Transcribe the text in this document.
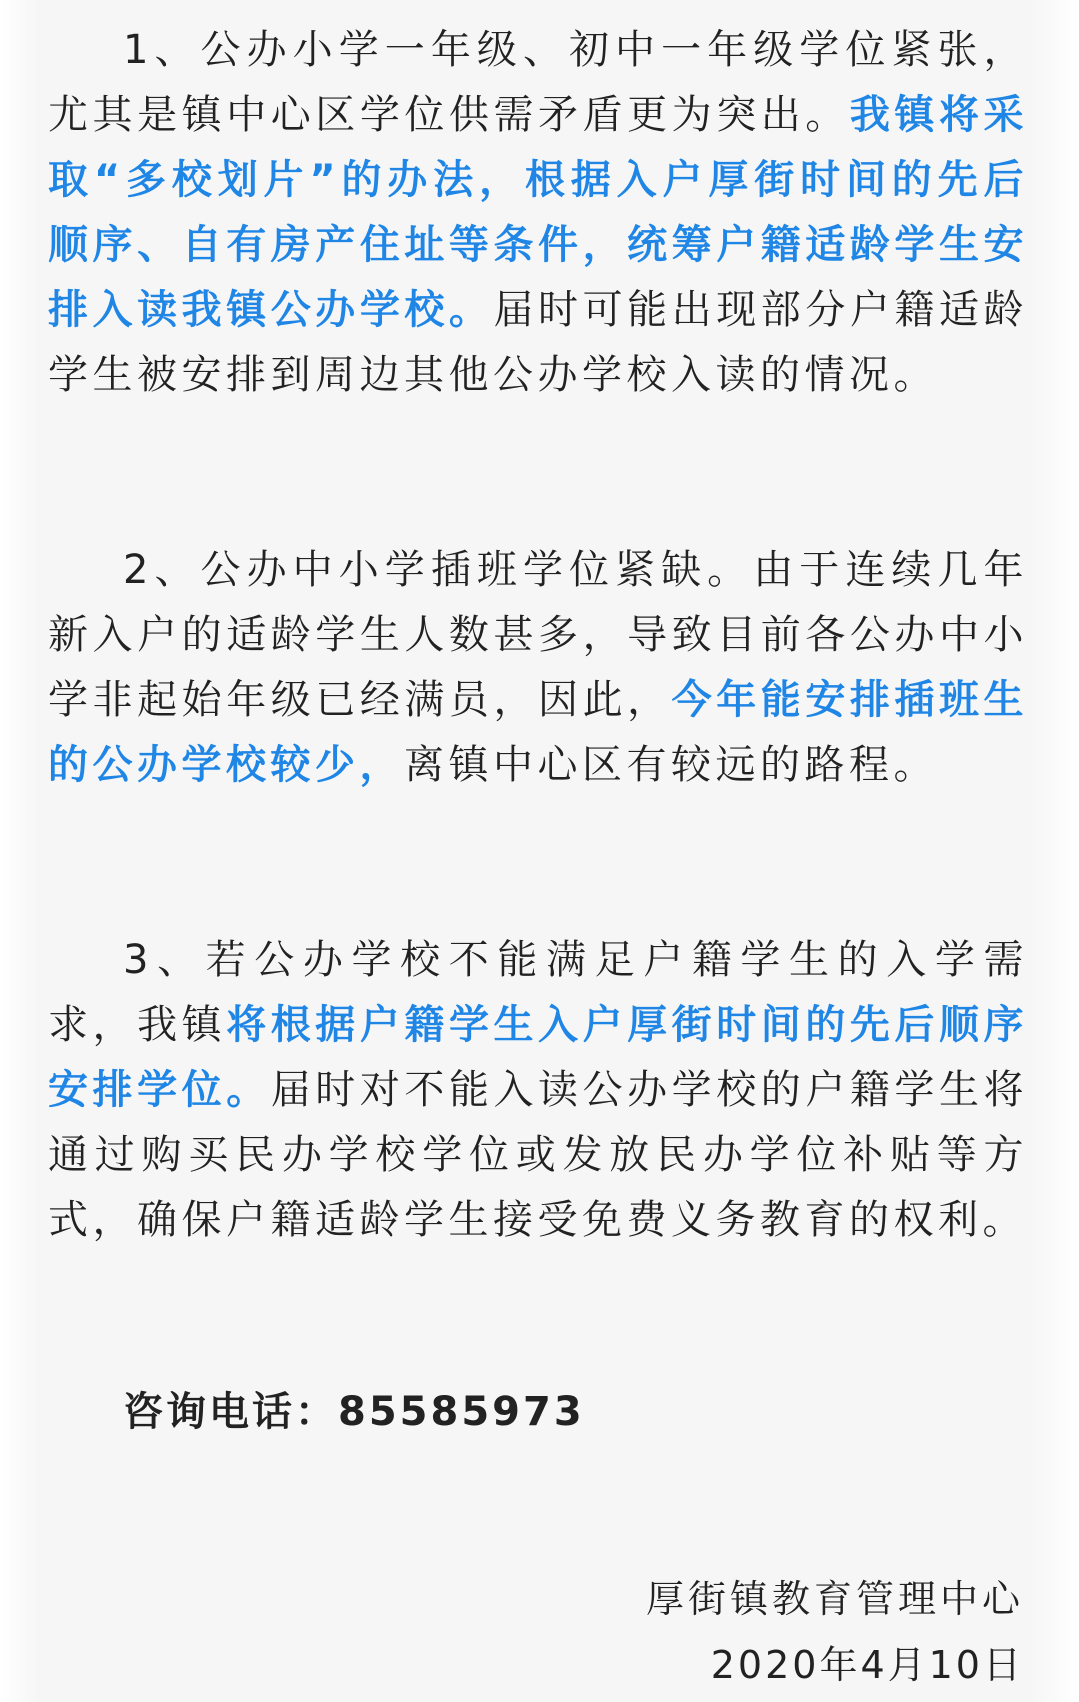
1、公办小学一年级、初中一年级学位紧张，尤其是镇中心区学位供需矛盾更为突出。我镇将采取“多校划片”的办法，根据入户厚街时间的先后顺序、自有房产住址等条件，统筹户籍适龄学生安排入读我镇公办学校。届时可能出现部分户籍适龄学生被安排到周边其他公办学校入读的情况。

2、公办中小学插班学位紧缺。由于连续几年新入户的适龄学生人数甚多，导致目前各公办中小学非起始年级已经满员，因此，今年能安排插班生的公办学校较少，离镇中心区有较远的路程。

3、若公办学校不能满足户籍学生的入学需求，我镇将根据户籍学生入户厚街时间的先后顺序安排学位。届时对不能入读公办学校的户籍学生将通过购买民办学校学位或发放民办学位补贴等方式，确保户籍适龄学生接受免费义务教育的权利。

咨询电话：85585973
厚街镇教育管理中心
2020年4月10日
